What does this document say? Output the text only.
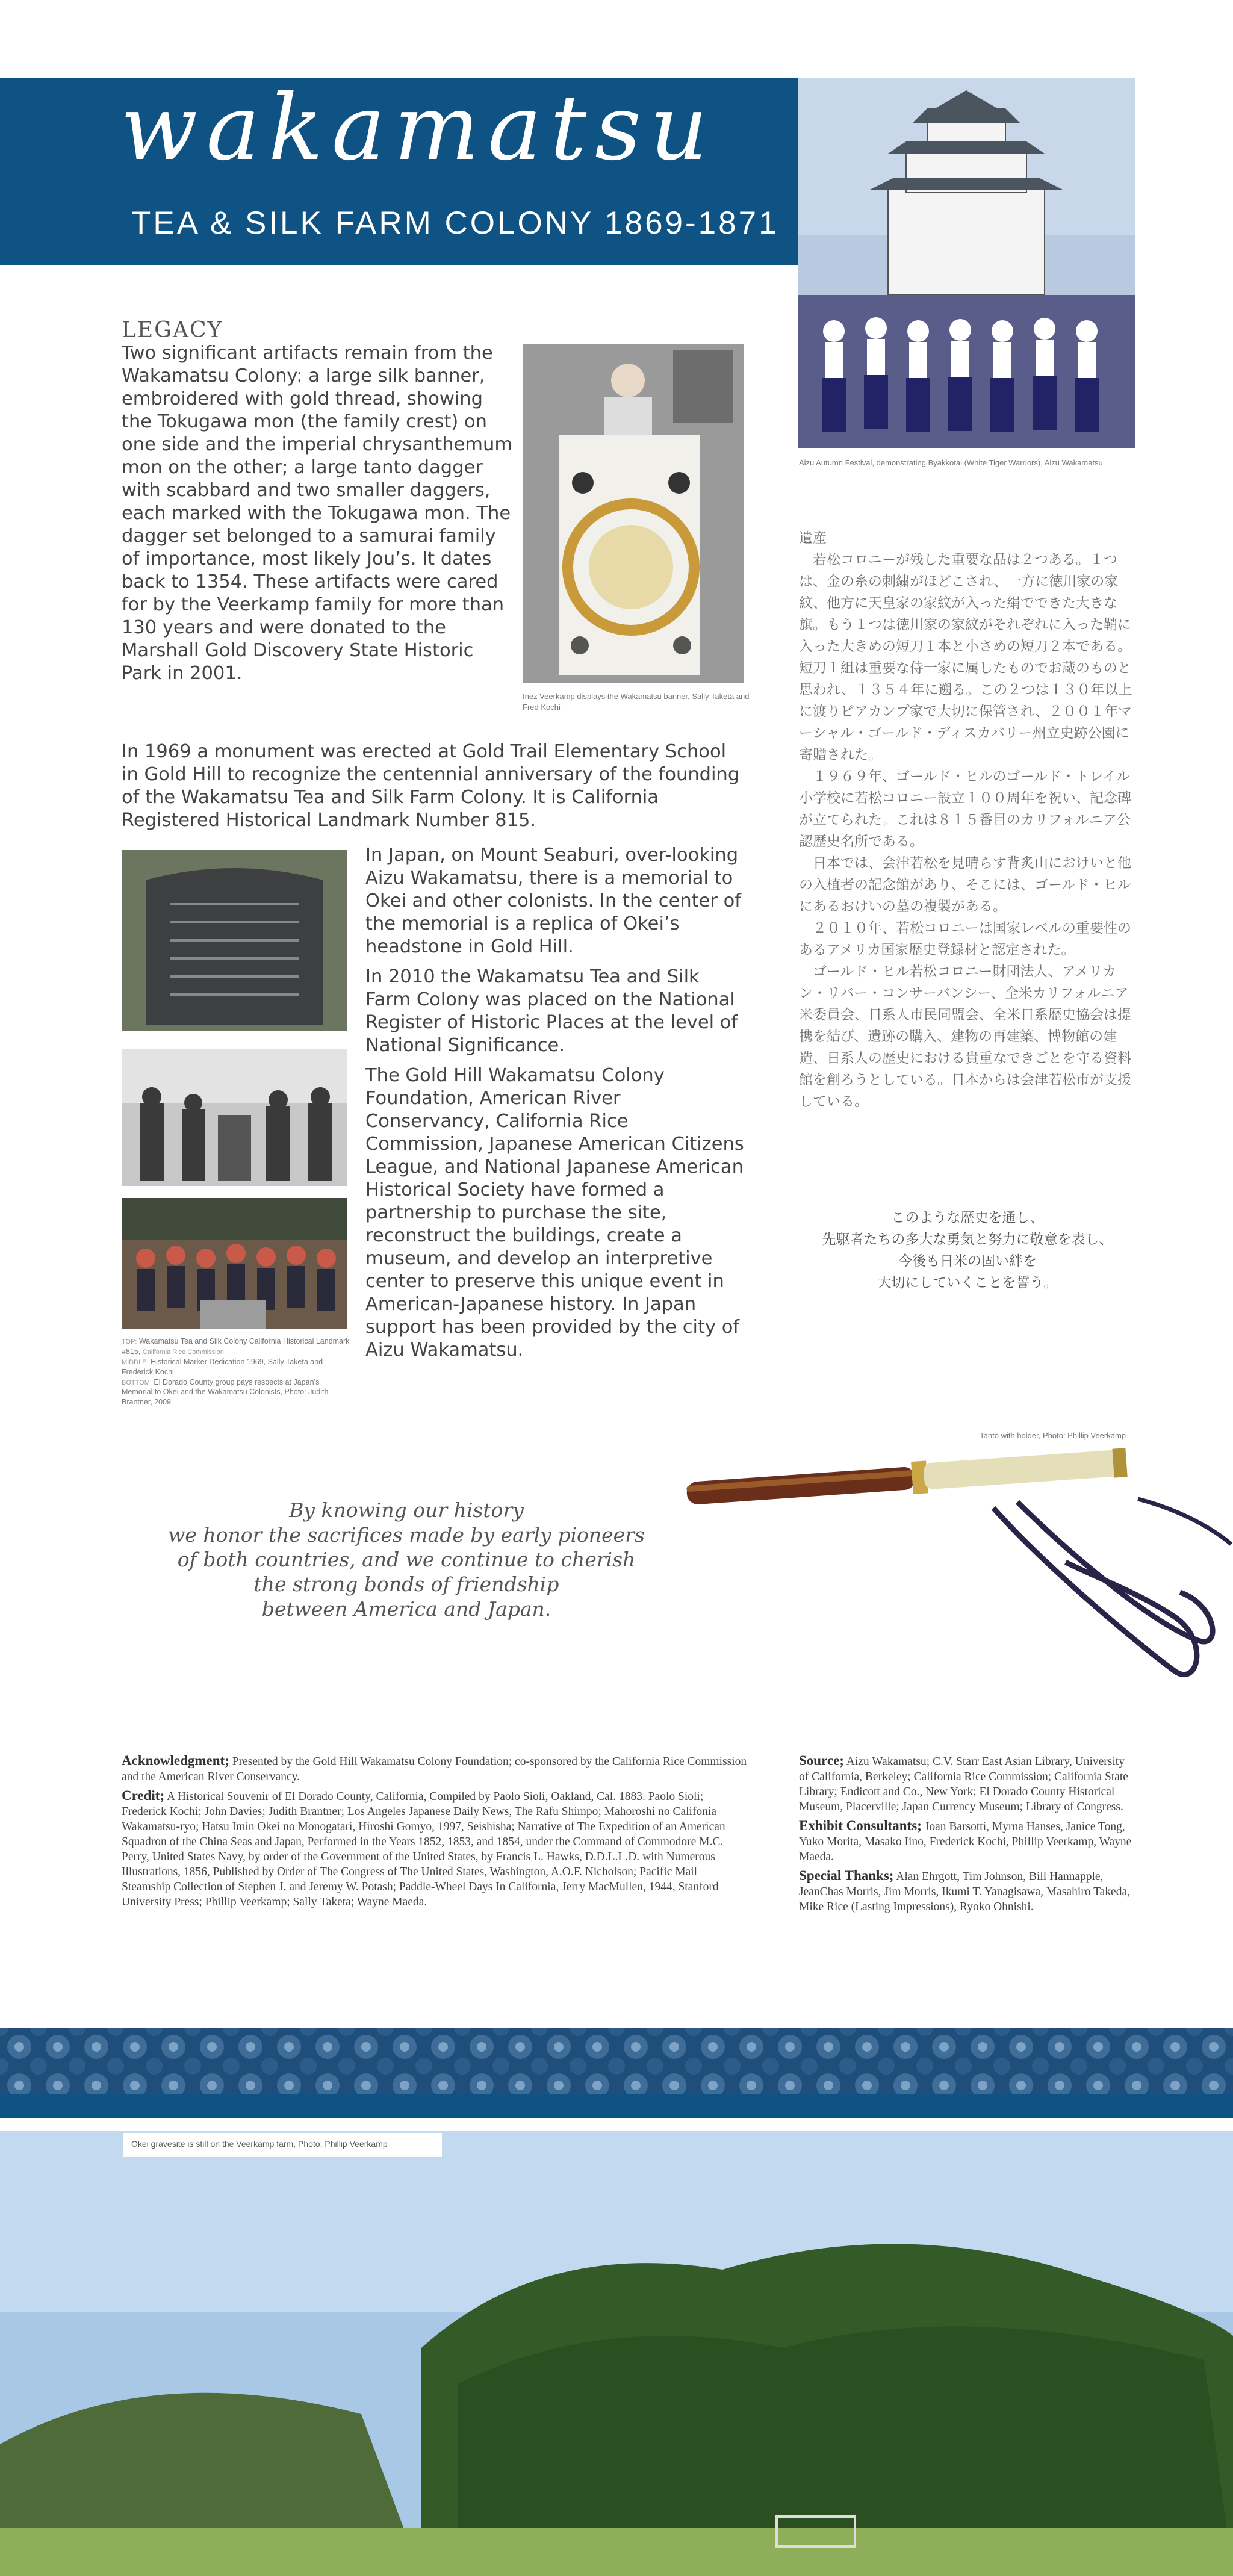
wakamatsu
TEA & SILK FARM COLONY 1869-1871
Aizu Autumn Festival, demonstrating Byakkotai (White Tiger Warriors), Aizu Wakamatsu
LEGACY

Two significant artifacts remain from the Wakamatsu Colony: a large silk banner, embroidered with gold thread, showing the Tokugawa mon (the family crest) on one side and the imperial chrysanthemum mon on the other; a large tanto dagger with scabbard and two smaller daggers, each marked with the Tokugawa mon. The dagger set belonged to a samurai family of importance, most likely Jou’s. It dates back to 1354. These artifacts were cared for by the Veerkamp family for more than 130 years and were donated to the Marshall Gold Discovery State Historic Park in 2001.

Inez Veerkamp displays the Wakamatsu banner, Sally Taketa and Fred Kochi

In 1969 a monument was erected at Gold Trail Elementary School in Gold Hill to recognize the centennial anniversary of the founding of the Wakamatsu Tea and Silk Farm Colony. It is California Registered Historical Landmark Number 815.

TOP: Wakamatsu Tea and Silk Colony California Historical Landmark #815, California Rice Commission
MIDDLE: Historical Marker Dedication 1969, Sally Taketa and Frederick Kochi
BOTTOM: El Dorado County group pays respects at Japan’s Memorial to Okei and the Wakamatsu Colonists, Photo: Judith Brantner, 2009

In Japan, on Mount Seaburi, over-looking Aizu Wakamatsu, there is a memorial to Okei and other colonists. In the center of the memorial is a replica of Okei’s headstone in Gold Hill.

In 2010 the Wakamatsu Tea and Silk Farm Colony was placed on the National Register of Historic Places at the level of National Significance.

The Gold Hill Wakamatsu Colony Foundation, American River Conservancy, California Rice Commission, Japanese American Citizens League, and National Japanese American Historical Society have formed a partnership to purchase the site, reconstruct the buildings, create a museum, and develop an interpretive center to preserve this unique event in American-Japanese history. In Japan support has been provided by the city of Aizu Wakamatsu.

遺産

若松コロニーが残した重要な品は２つある。１つは、金の糸の刺繍がほどこされ、一方に徳川家の家紋、他方に天皇家の家紋が入った絹でできた大きな旗。もう１つは徳川家の家紋がそれぞれに入った鞘に入った大きめの短刀１本と小さめの短刀２本である。短刀１組は重要な侍一家に属したものでお蔵のものと思われ、１３５４年に遡る。この２つは１３０年以上に渡りビアカンプ家で大切に保管され、２００１年マーシャル・ゴールド・ディスカバリー州立史跡公園に寄贈された。

１９６９年、ゴールド・ヒルのゴールド・トレイル小学校に若松コロニー設立１００周年を祝い、記念碑が立てられた。これは８１５番目のカリフォルニア公認歴史名所である。

日本では、会津若松を見晴らす背炙山におけいと他の入植者の記念館があり、そこには、ゴールド・ヒルにあるおけいの墓の複製がある。

２０１０年、若松コロニーは国家レベルの重要性のあるアメリカ国家歴史登録材と認定された。

ゴールド・ヒル若松コロニー財団法人、アメリカン・リバー・コンサーバンシー、全米カリフォルニア米委員会、日系人市民同盟会、全米日系歴史協会は提携を結び、遺跡の購入、建物の再建築、博物館の建造、日系人の歴史における貴重なできごとを守る資料館を創ろうとしている。日本からは会津若松市が支援している。

このような歴史を通し、
先駆者たちの多大な勇気と努力に敬意を表し、
今後も日米の固い絆を
大切にしていくことを誓う。
Tanto with holder, Photo: Phillip Veerkamp
By knowing our history
we honor the sacrifices made by early pioneers
of both countries, and we continue to cherish
the strong bonds of friendship
between America and Japan.

Acknowledgment; Presented by the Gold Hill Wakamatsu Colony Foundation; co-sponsored by the California Rice Commission and the American River Conservancy.

Credit; A Historical Souvenir of El Dorado County, California, Compiled by Paolo Sioli, Oakland, Cal. 1883. Paolo Sioli; Frederick Kochi; John Davies; Judith Brantner; Los Angeles Japanese Daily News, The Rafu Shimpo; Mahoroshi no Califonia Wakamatsu-ryo; Hatsu Imin Okei no Monogatari, Hiroshi Gomyo, 1997, Seishisha; Narrative of The Expedition of an American Squadron of the China Seas and Japan, Performed in the Years 1852, 1853, and 1854, under the Command of Commodore M.C. Perry, United States Navy, by order of the Government of the United States, by Francis L. Hawks, D.D.L.L.D. with Numerous Illustrations, 1856, Published by Order of The Congress of The United States, Washington, A.O.F. Nicholson; Pacific Mail Steamship Collection of Stephen J. and Jeremy W. Potash; Paddle-Wheel Days In California, Jerry MacMullen, 1944, Stanford University Press; Phillip Veerkamp; Sally Taketa; Wayne Maeda.

Source; Aizu Wakamatsu; C.V. Starr East Asian Library, University of California, Berkeley; California Rice Commission; California State Library; Endicott and Co., New York; El Dorado County Historical Museum, Placerville; Japan Currency Museum; Library of Congress.

Exhibit Consultants; Joan Barsotti, Myrna Hanses, Janice Tong, Yuko Morita, Masako Iino, Frederick Kochi, Phillip Veerkamp, Wayne Maeda.

Special Thanks; Alan Ehrgott, Tim Johnson, Bill Hannapple, JeanChas Morris, Jim Morris, Ikumi T. Yanagisawa, Masahiro Takeda, Mike Rice (Lasting Impressions), Ryoko Ohnishi.

Okei gravesite is still on the Veerkamp farm, Photo: Phillip Veerkamp
